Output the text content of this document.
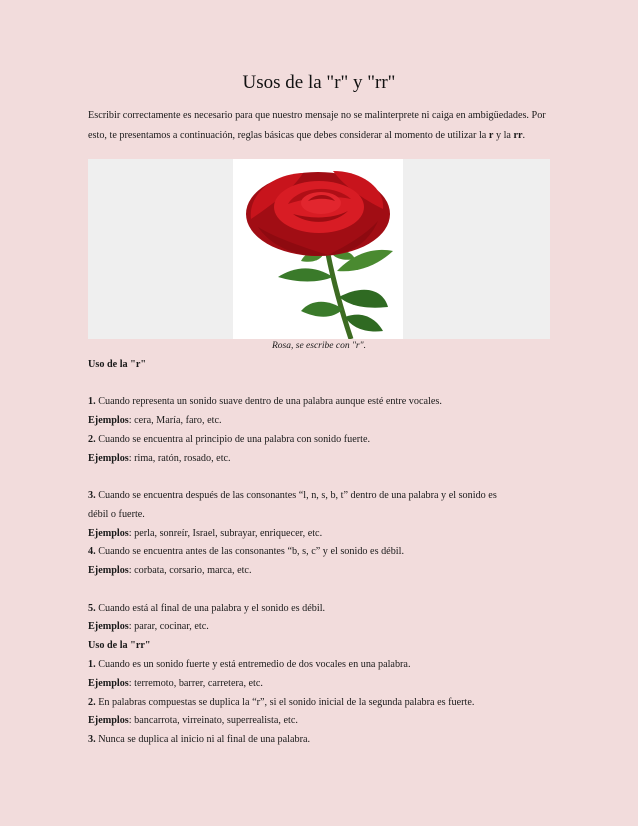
Usos de la "r" y "rr"
Escribir correctamente es necesario para que nuestro mensaje no se malinterprete ni caiga en ambigüedades. Por esto, te presentamos a continuación, reglas básicas que debes considerar al momento de utilizar la r y la rr.
Rosa, se escribe con "r".
Uso de la "r"
1. Cuando representa un sonido suave dentro de una palabra aunque esté entre vocales.
Ejemplos: cera, María, faro, etc.
2. Cuando se encuentra al principio de una palabra con sonido fuerte.
Ejemplos: rima, ratón, rosado, etc.
3. Cuando se encuentra después de las consonantes “l, n, s, b, t” dentro de una palabra y el sonido es
débil o fuerte.
Ejemplos: perla, sonreír, Israel, subrayar, enriquecer, etc.
4. Cuando se encuentra antes de las consonantes “b, s, c” y el sonido es débil.
Ejemplos: corbata, corsario, marca, etc.
5. Cuando está al final de una palabra y el sonido es débil.
Ejemplos: parar, cocinar, etc.
Uso de la "rr"
1. Cuando es un sonido fuerte y está entremedio de dos vocales en una palabra.
Ejemplos: terremoto, barrer, carretera, etc.
2. En palabras compuestas se duplica la “r”, si el sonido inicial de la segunda palabra es fuerte.
Ejemplos: bancarrota, virreinato, superrealista, etc.
3. Nunca se duplica al inicio ni al final de una palabra.
